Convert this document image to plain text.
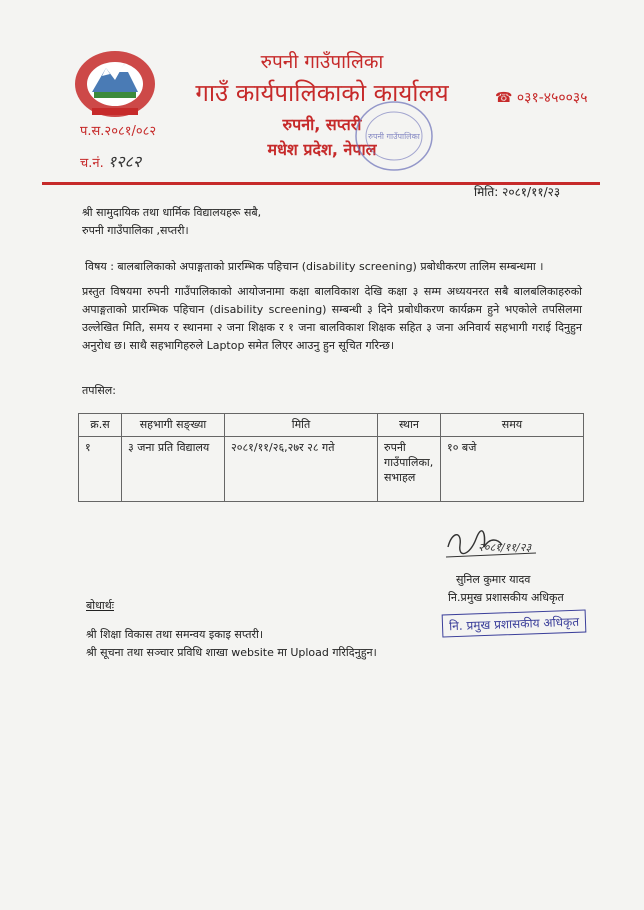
रुपनी गाउँपालिका
गाउँ कार्यपालिकाको कार्यालय
रुपनी, सप्तरी
मधेश प्रदेश, नेपाल
☎ ०३१-४५००३५
प.स.२०८१/०८२
च.नं. १२८२
रुपनी गाउँपालिका
मिति: २०८१/११/२३
श्री सामुदायिक तथा धार्मिक विद्यालयहरू सबै,
रुपनी गाउँपालिका ,सप्तरी।
विषय : बालबालिकाको अपाङ्गताको प्रारम्भिक पहिचान (disability screening) प्रबोधीकरण तालिम सम्बन्धमा ।
प्रस्तुत विषयमा रुपनी गाउँपालिकाको आयोजनामा कक्षा बालविकाश देखि कक्षा ३ सम्म अध्ययनरत सबै बालबलिकाहरुको अपाङ्गताको प्रारम्भिक पहिचान (disability screening) सम्बन्धी ३ दिने प्रबोधीकरण कार्यक्रम हुने भएकोले तपसिलमा उल्लेखित मिति, समय र स्थानमा २ जना शिक्षक र १ जना बालविकाश शिक्षक सहित ३ जना अनिवार्य सहभागी गराई दिनुहुन अनुरोध छ। साथै सहभागिहरुले Laptop समेत लिएर आउनु हुन सूचित गरिन्छ।
तपसिल:
क्र.स	सहभागी सङ्ख्या	मिति	स्थान	समय
१	३ जना प्रति विद्यालय	२०८१/११/२६,२७र २८ गते	रुपनी गाउँपालिका, सभाहल	१० बजे
२०८१/११/२३
सुनिल कुमार यादव
नि.प्रमुख प्रशासकीय अधिकृत
नि. प्रमुख प्रशासकीय अधिकृत
बोधार्थः
श्री शिक्षा विकास तथा समन्वय इकाइ सप्तरी।
श्री सूचना तथा सञ्चार प्रविधि शाखा website मा Upload गरिदिनुहुन।
